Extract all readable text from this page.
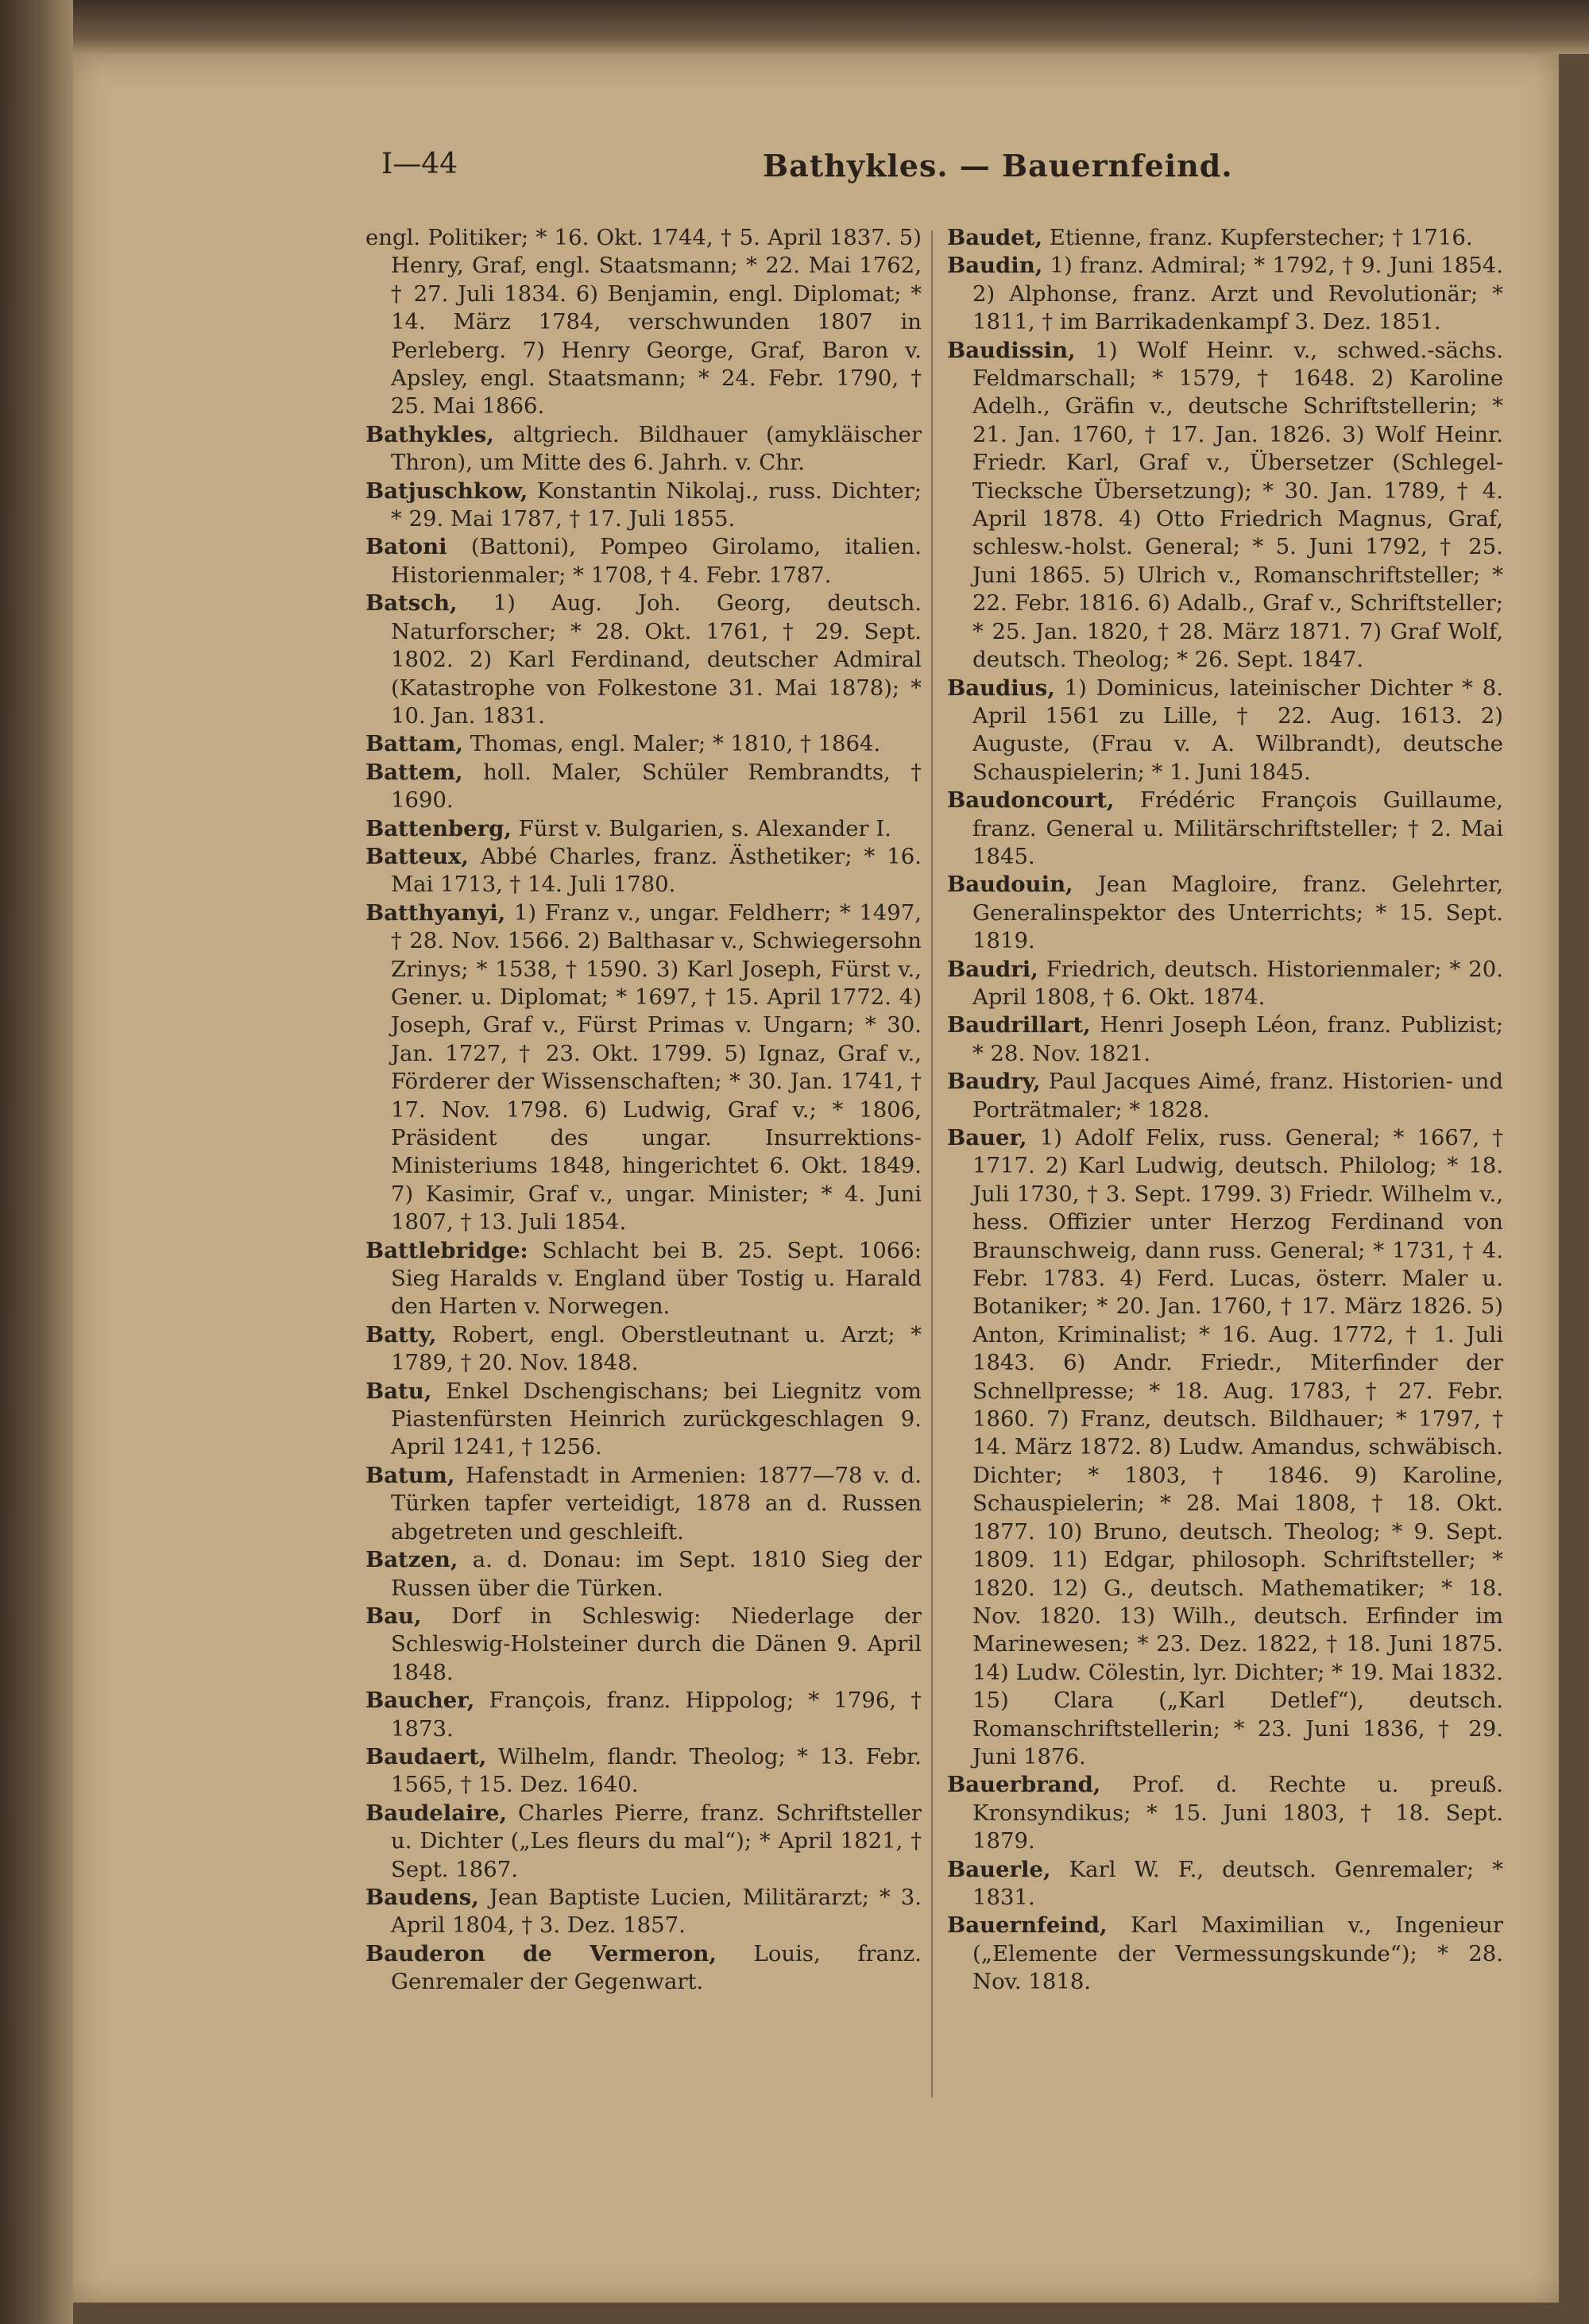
I—44	Bathykles. — Bauernfeind.

engl. Politiker; * 16. Okt. 1744, † 5. April 1837. 5) Henry, Graf, engl. Staatsmann; * 22. Mai 1762, † 27. Juli 1834. 6) Benjamin, engl. Diplomat; * 14. März 1784, verschwunden 1807 in Perleberg. 7) Henry George, Graf, Baron v. Apsley, engl. Staatsmann; * 24. Febr. 1790, † 25. Mai 1866.

Bathykles, altgriech. Bildhauer (amykläischer Thron), um Mitte des 6. Jahrh. v. Chr.

Batjuschkow, Konstantin Nikolaj., russ. Dichter; * 29. Mai 1787, † 17. Juli 1855.

Batoni (Battoni), Pompeo Girolamo, italien. Historienmaler; * 1708, † 4. Febr. 1787.

Batsch, 1) Aug. Joh. Georg, deutsch. Naturforscher; * 28. Okt. 1761, † 29. Sept. 1802. 2) Karl Ferdinand, deutscher Admiral (Katastrophe von Folkestone 31. Mai 1878); * 10. Jan. 1831.

Battam, Thomas, engl. Maler; * 1810, † 1864.

Battem, holl. Maler, Schüler Rembrandts, † 1690.

Battenberg, Fürst v. Bulgarien, s. Alexander I.

Batteux, Abbé Charles, franz. Ästhetiker; * 16. Mai 1713, † 14. Juli 1780.

Batthyanyi, 1) Franz v., ungar. Feldherr; * 1497, † 28. Nov. 1566. 2) Balthasar v., Schwiegersohn Zrinys; * 1538, † 1590. 3) Karl Joseph, Fürst v., Gener. u. Diplomat; * 1697, † 15. April 1772. 4) Joseph, Graf v., Fürst Primas v. Ungarn; * 30. Jan. 1727, † 23. Okt. 1799. 5) Ignaz, Graf v., Förderer der Wissenschaften; * 30. Jan. 1741, † 17. Nov. 1798. 6) Ludwig, Graf v.; * 1806, Präsident des ungar. Insurrektions-Ministeriums 1848, hingerichtet 6. Okt. 1849. 7) Kasimir, Graf v., ungar. Minister; * 4. Juni 1807, † 13. Juli 1854.

Battlebridge: Schlacht bei B. 25. Sept. 1066: Sieg Haralds v. England über Tostig u. Harald den Harten v. Norwegen.

Batty, Robert, engl. Oberstleutnant u. Arzt; * 1789, † 20. Nov. 1848.

Batu, Enkel Dschengischans; bei Liegnitz vom Piastenfürsten Heinrich zurückgeschlagen 9. April 1241, † 1256.

Batum, Hafenstadt in Armenien: 1877—78 v. d. Türken tapfer verteidigt, 1878 an d. Russen abgetreten und geschleift.

Batzen, a. d. Donau: im Sept. 1810 Sieg der Russen über die Türken.

Bau, Dorf in Schleswig: Niederlage der Schleswig-Holsteiner durch die Dänen 9. April 1848.

Baucher, François, franz. Hippolog; * 1796, † 1873.

Baudaert, Wilhelm, flandr. Theolog; * 13. Febr. 1565, † 15. Dez. 1640.

Baudelaire, Charles Pierre, franz. Schriftsteller u. Dichter („Les fleurs du mal“); * April 1821, † Sept. 1867.

Baudens, Jean Baptiste Lucien, Militärarzt; * 3. April 1804, † 3. Dez. 1857.

Bauderon de Vermeron, Louis, franz. Genremaler der Gegenwart.

Baudet, Etienne, franz. Kupferstecher; † 1716.

Baudin, 1) franz. Admiral; * 1792, † 9. Juni 1854. 2) Alphonse, franz. Arzt und Revolutionär; * 1811, † im Barrikadenkampf 3. Dez. 1851.

Baudissin, 1) Wolf Heinr. v., schwed.-sächs. Feldmarschall; * 1579, † 1648. 2) Karoline Adelh., Gräfin v., deutsche Schriftstellerin; * 21. Jan. 1760, † 17. Jan. 1826. 3) Wolf Heinr. Friedr. Karl, Graf v., Übersetzer (Schlegel-Tiecksche Übersetzung); * 30. Jan. 1789, † 4. April 1878. 4) Otto Friedrich Magnus, Graf, schlesw.-holst. General; * 5. Juni 1792, † 25. Juni 1865. 5) Ulrich v., Romanschriftsteller; * 22. Febr. 1816. 6) Adalb., Graf v., Schriftsteller; * 25. Jan. 1820, † 28. März 1871. 7) Graf Wolf, deutsch. Theolog; * 26. Sept. 1847.

Baudius, 1) Dominicus, lateinischer Dichter * 8. April 1561 zu Lille, † 22. Aug. 1613. 2) Auguste, (Frau v. A. Wilbrandt), deutsche Schauspielerin; * 1. Juni 1845.

Baudoncourt, Frédéric François Guillaume, franz. General u. Militärschriftsteller; † 2. Mai 1845.

Baudouin, Jean Magloire, franz. Gelehrter, Generalinspektor des Unterrichts; * 15. Sept. 1819.

Baudri, Friedrich, deutsch. Historienmaler; * 20. April 1808, † 6. Okt. 1874.

Baudrillart, Henri Joseph Léon, franz. Publizist; * 28. Nov. 1821.

Baudry, Paul Jacques Aimé, franz. Historien- und Porträtmaler; * 1828.

Bauer, 1) Adolf Felix, russ. General; * 1667, † 1717. 2) Karl Ludwig, deutsch. Philolog; * 18. Juli 1730, † 3. Sept. 1799. 3) Friedr. Wilhelm v., hess. Offizier unter Herzog Ferdinand von Braunschweig, dann russ. General; * 1731, † 4. Febr. 1783. 4) Ferd. Lucas, österr. Maler u. Botaniker; * 20. Jan. 1760, † 17. März 1826. 5) Anton, Kriminalist; * 16. Aug. 1772, † 1. Juli 1843. 6) Andr. Friedr., Miterfinder der Schnellpresse; * 18. Aug. 1783, † 27. Febr. 1860. 7) Franz, deutsch. Bildhauer; * 1797, † 14. März 1872. 8) Ludw. Amandus, schwäbisch. Dichter; * 1803, † 1846. 9) Karoline, Schauspielerin; * 28. Mai 1808, † 18. Okt. 1877. 10) Bruno, deutsch. Theolog; * 9. Sept. 1809. 11) Edgar, philosoph. Schriftsteller; * 1820. 12) G., deutsch. Mathematiker; * 18. Nov. 1820. 13) Wilh., deutsch. Erfinder im Marinewesen; * 23. Dez. 1822, † 18. Juni 1875. 14) Ludw. Cölestin, lyr. Dichter; * 19. Mai 1832. 15) Clara („Karl Detlef“), deutsch. Romanschriftstellerin; * 23. Juni 1836, † 29. Juni 1876.

Bauerbrand, Prof. d. Rechte u. preuß. Kronsyndikus; * 15. Juni 1803, † 18. Sept. 1879.

Bauerle, Karl W. F., deutsch. Genremaler; * 1831.

Bauernfeind, Karl Maximilian v., Ingenieur („Elemente der Vermessungskunde“); * 28. Nov. 1818.
